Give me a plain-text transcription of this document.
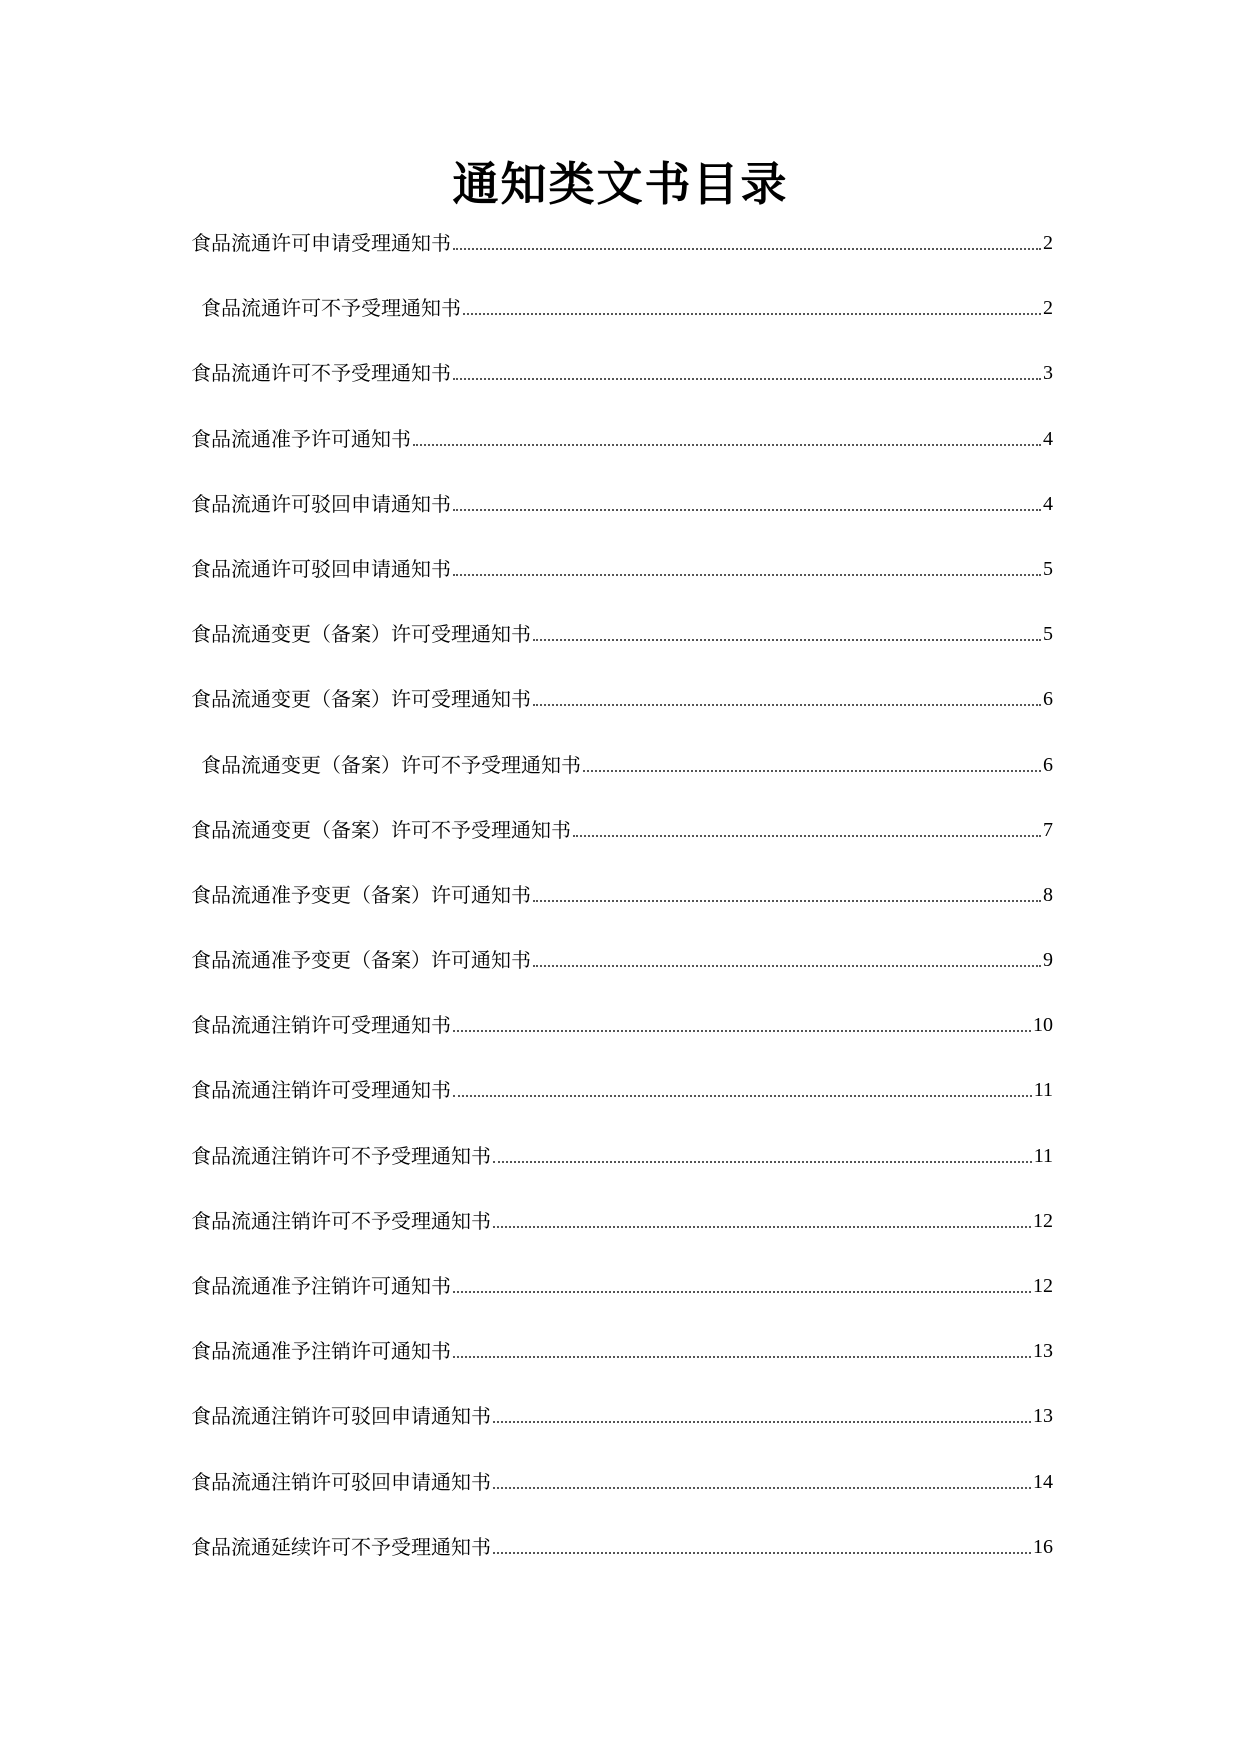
通知类文书目录
食品流通许可申请受理通知书	2
食品流通许可不予受理通知书	2
食品流通许可不予受理通知书	3
食品流通准予许可通知书	4
食品流通许可驳回申请通知书	4
食品流通许可驳回申请通知书	5
食品流通变更（备案）许可受理通知书	5
食品流通变更（备案）许可受理通知书	6
食品流通变更（备案）许可不予受理通知书	6
食品流通变更（备案）许可不予受理通知书	7
食品流通准予变更（备案）许可通知书	8
食品流通准予变更（备案）许可通知书	9
食品流通注销许可受理通知书	10
食品流通注销许可受理通知书	11
食品流通注销许可不予受理通知书	11
食品流通注销许可不予受理通知书	12
食品流通准予注销许可通知书	12
食品流通准予注销许可通知书	13
食品流通注销许可驳回申请通知书	13
食品流通注销许可驳回申请通知书	14
食品流通延续许可不予受理通知书	16
